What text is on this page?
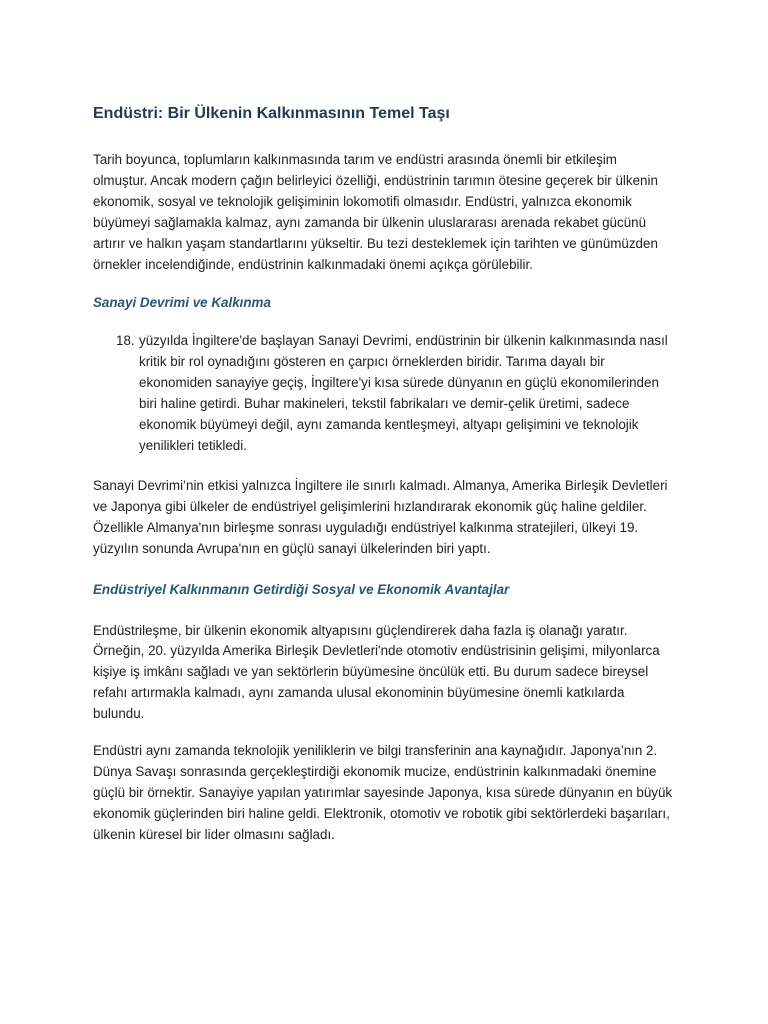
Endüstri: Bir Ülkenin Kalkınmasının Temel Taşı

Tarih boyunca, toplumların kalkınmasında tarım ve endüstri arasında önemli bir etkileşim olmuştur. Ancak modern çağın belirleyici özelliği, endüstrinin tarımın ötesine geçerek bir ülkenin ekonomik, sosyal ve teknolojik gelişiminin lokomotifi olmasıdır. Endüstri, yalnızca ekonomik büyümeyi sağlamakla kalmaz, aynı zamanda bir ülkenin uluslararası arenada rekabet gücünü artırır ve halkın yaşam standartlarını yükseltir. Bu tezi desteklemek için tarihten ve günümüzden örnekler incelendiğinde, endüstrinin kalkınmadaki önemi açıkça görülebilir.

Sanayi Devrimi ve Kalkınma
18. yüzyılda İngiltere'de başlayan Sanayi Devrimi, endüstrinin bir ülkenin kalkınmasında nasıl kritik bir rol oynadığını gösteren en çarpıcı örneklerden biridir. Tarıma dayalı bir ekonomiden sanayiye geçiş, İngiltere'yi kısa sürede dünyanın en güçlü ekonomilerinden biri haline getirdi. Buhar makineleri, tekstil fabrikaları ve demir-çelik üretimi, sadece ekonomik büyümeyi değil, aynı zamanda kentleşmeyi, altyapı gelişimini ve teknolojik yenilikleri tetikledi.

Sanayi Devrimi’nin etkisi yalnızca İngiltere ile sınırlı kalmadı. Almanya, Amerika Birleşik Devletleri ve Japonya gibi ülkeler de endüstriyel gelişimlerini hızlandırarak ekonomik güç haline geldiler. Özellikle Almanya'nın birleşme sonrası uyguladığı endüstriyel kalkınma stratejileri, ülkeyi 19. yüzyılın sonunda Avrupa'nın en güçlü sanayi ülkelerinden biri yaptı.

Endüstriyel Kalkınmanın Getirdiği Sosyal ve Ekonomik Avantajlar

Endüstrileşme, bir ülkenin ekonomik altyapısını güçlendirerek daha fazla iş olanağı yaratır. Örneğin, 20. yüzyılda Amerika Birleşik Devletleri'nde otomotiv endüstrisinin gelişimi, milyonlarca kişiye iş imkânı sağladı ve yan sektörlerin büyümesine öncülük etti. Bu durum sadece bireysel refahı artırmakla kalmadı, aynı zamanda ulusal ekonominin büyümesine önemli katkılarda bulundu.

Endüstri aynı zamanda teknolojik yeniliklerin ve bilgi transferinin ana kaynağıdır. Japonya’nın 2. Dünya Savaşı sonrasında gerçekleştirdiği ekonomik mucize, endüstrinin kalkınmadaki önemine güçlü bir örnektir. Sanayiye yapılan yatırımlar sayesinde Japonya, kısa sürede dünyanın en büyük ekonomik güçlerinden biri haline geldi. Elektronik, otomotiv ve robotik gibi sektörlerdeki başarıları, ülkenin küresel bir lider olmasını sağladı.
